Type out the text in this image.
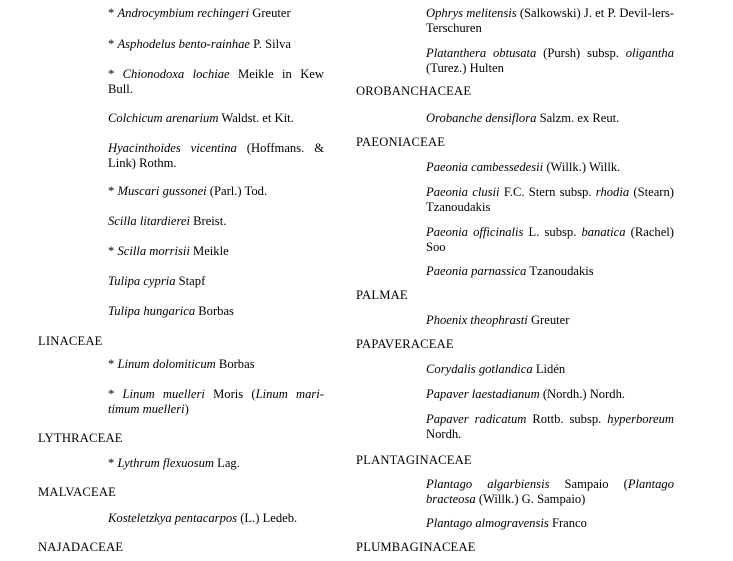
* Androcymbium rechingeri Greuter
* Asphodelus bento-rainhae P. Silva
* Chionodoxa lochiae Meikle in Kew Bull.
Colchicum arenarium Waldst. et Kit.
Hyacinthoides vicentina (Hoffmans. & Link) Rothm.
* Muscari gussonei (Parl.) Tod.
Scilla litardierei Breist.
* Scilla morrisii Meikle
Tulipa cypria Stapf
Tulipa hungarica Borbas
LINACEAE
* Linum dolomiticum Borbas
* Linum muelleri Moris (Linum mari-timum muelleri)
LYTHRACEAE
* Lythrum flexuosum Lag.
MALVACEAE
Kosteletzkya pentacarpos (L.) Ledeb.
NAJADACEAE
Ophrys melitensis (Salkowski) J. et P. Devil-lers-Terschuren
Platanthera obtusata (Pursh) subsp. oligantha (Turez.) Hulten
OROBANCHACEAE
Orobanche densiflora Salzm. ex Reut.
PAEONIACEAE
Paeonia cambessedesii (Willk.) Willk.
Paeonia clusii F.C. Stern subsp. rhodia (Stearn) Tzanoudakis
Paeonia officinalis L. subsp. banatica (Rachel) Soo
Paeonia parnassica Tzanoudakis
PALMAE
Phoenix theophrasti Greuter
PAPAVERACEAE
Corydalis gotlandica Lidén
Papaver laestadianum (Nordh.) Nordh.
Papaver radicatum Rottb. subsp. hyperboreum Nordh.
PLANTAGINACEAE
Plantago algarbiensis Sampaio (Plantago bracteosa (Willk.) G. Sampaio)
Plantago almogravensis Franco
PLUMBAGINACEAE
